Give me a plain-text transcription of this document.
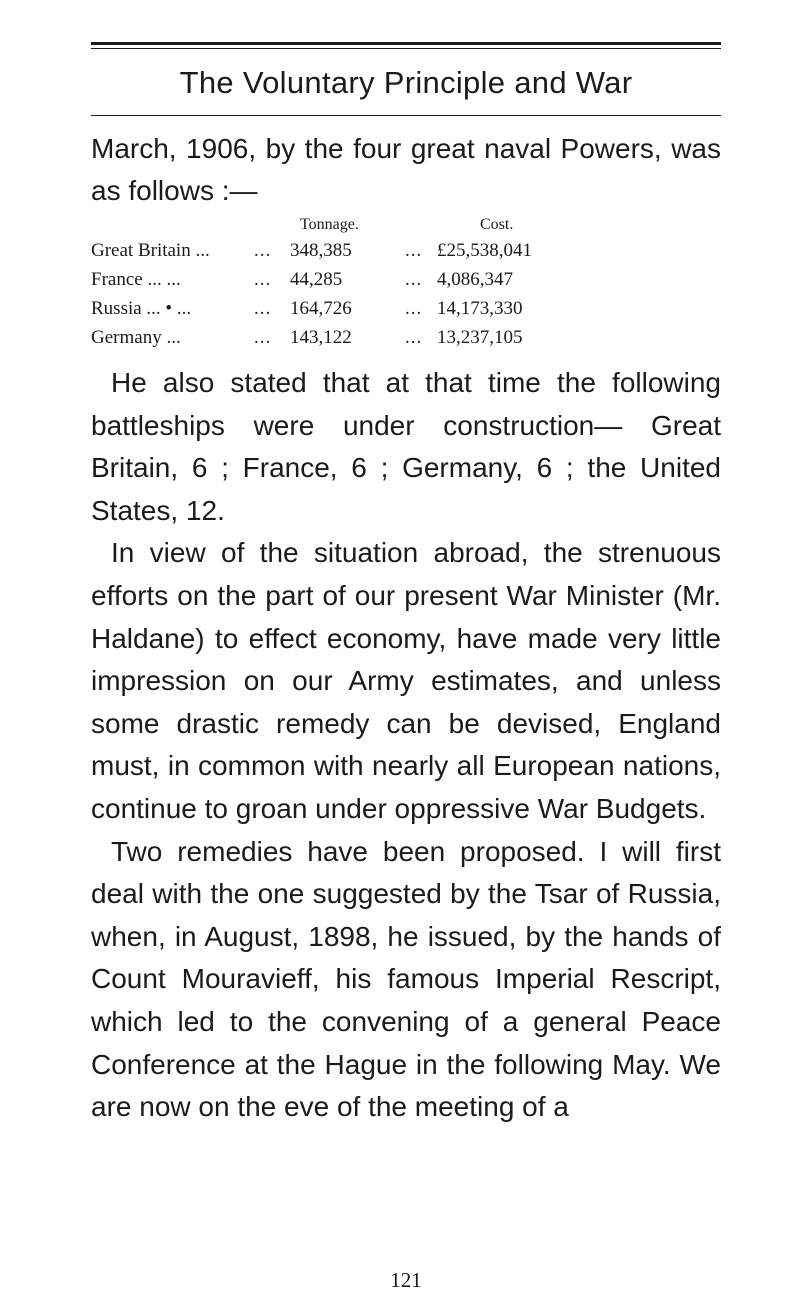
The Voluntary Principle and War

March, 1906, by the four great naval Powers, was as follows :—

Tonnage.	Cost.
Great Britain ... ... 348,385	... £25,538,041
France ... ...	... 44,285	... 4,086,347
Russia ... • ...	... 164,726	... 14,173,330
Germany ...	... 143,122	... 13,237,105

He also stated that at that time the following battleships were under construction— Great Britain, 6 ; France, 6 ; Germany, 6 ; the United States, 12.

In view of the situation abroad, the strenuous efforts on the part of our present War Minister (Mr. Haldane) to effect economy, have made very little impression on our Army estimates, and unless some drastic remedy can be devised, England must, in common with nearly all European nations, continue to groan under oppressive War Budgets.

Two remedies have been proposed. I will first deal with the one suggested by the Tsar of Russia, when, in August, 1898, he issued, by the hands of Count Mouravieff, his famous Imperial Rescript, which led to the convening of a general Peace Conference at the Hague in the following May. We are now on the eve of the meeting of a

121
